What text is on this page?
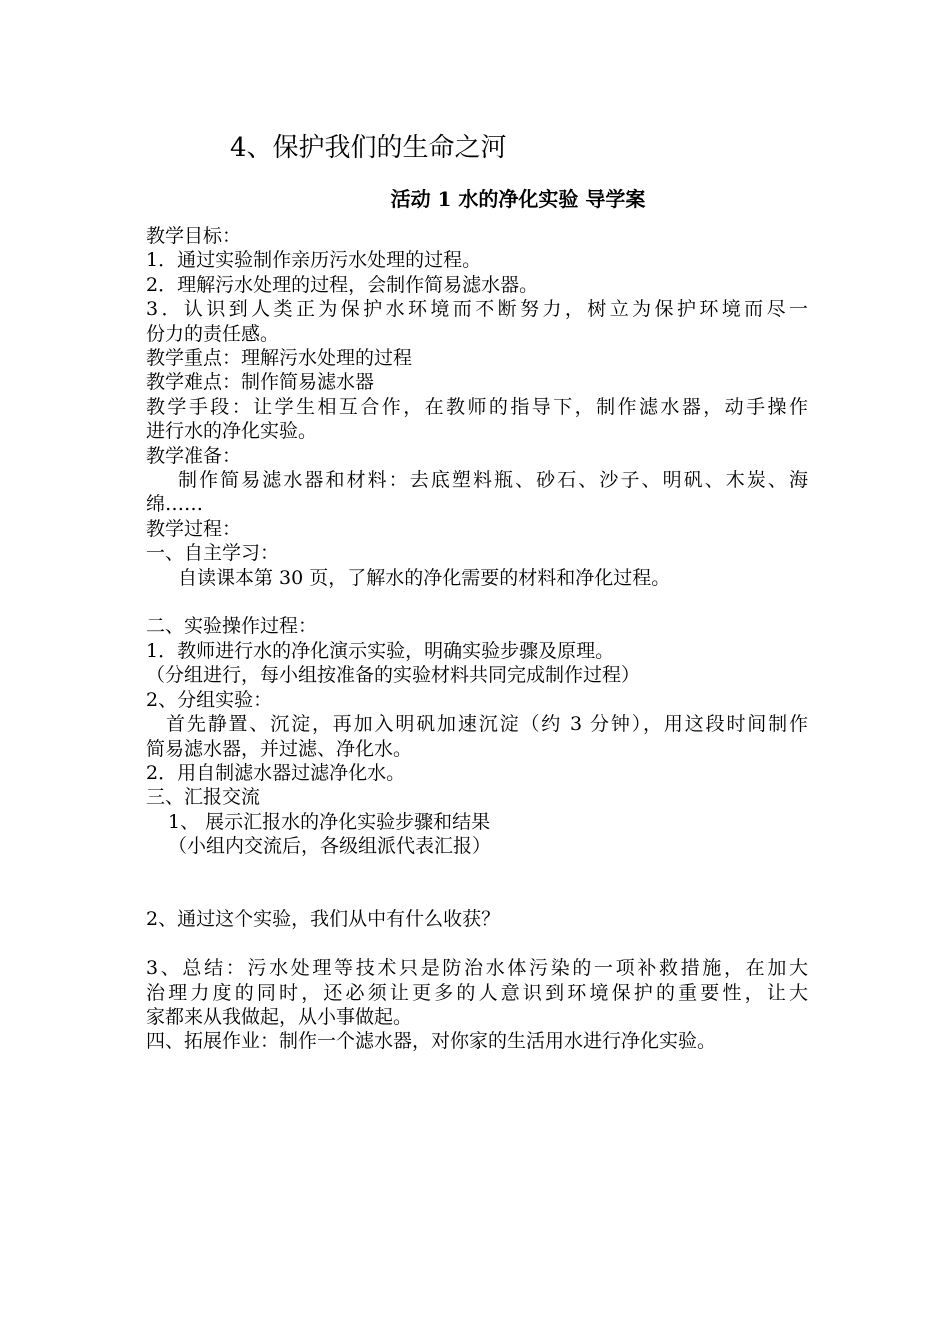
4、保护我们的生命之河
活动 1 水的净化实验 导学案
教学目标：
1．通过实验制作亲历污水处理的过程。
2．理解污水处理的过程，会制作简易滤水器。
3．认识到人类正为保护水环境而不断努力，树立为保护环境而尽一
份力的责任感。
教学重点：理解污水处理的过程
教学难点：制作简易滤水器
教学手段：让学生相互合作，在教师的指导下，制作滤水器，动手操作
进行水的净化实验。
教学准备：
制作简易滤水器和材料：去底塑料瓶、砂石、沙子、明矾、木炭、海
绵……
教学过程：
一、自主学习：
自读课本第 30 页，了解水的净化需要的材料和净化过程。
二、实验操作过程：
1．教师进行水的净化演示实验，明确实验步骤及原理。
（分组进行，每小组按准备的实验材料共同完成制作过程）
2、分组实验：
首先静置、沉淀，再加入明矾加速沉淀（约 3 分钟），用这段时间制作
简易滤水器，并过滤、净化水。
2．用自制滤水器过滤净化水。
三、汇报交流
1、 展示汇报水的净化实验步骤和结果
（小组内交流后，各级组派代表汇报）
2、通过这个实验，我们从中有什么收获？
3、总结：污水处理等技术只是防治水体污染的一项补救措施，在加大
治理力度的同时，还必须让更多的人意识到环境保护的重要性，让大
家都来从我做起，从小事做起。
四、拓展作业：制作一个滤水器，对你家的生活用水进行净化实验。
